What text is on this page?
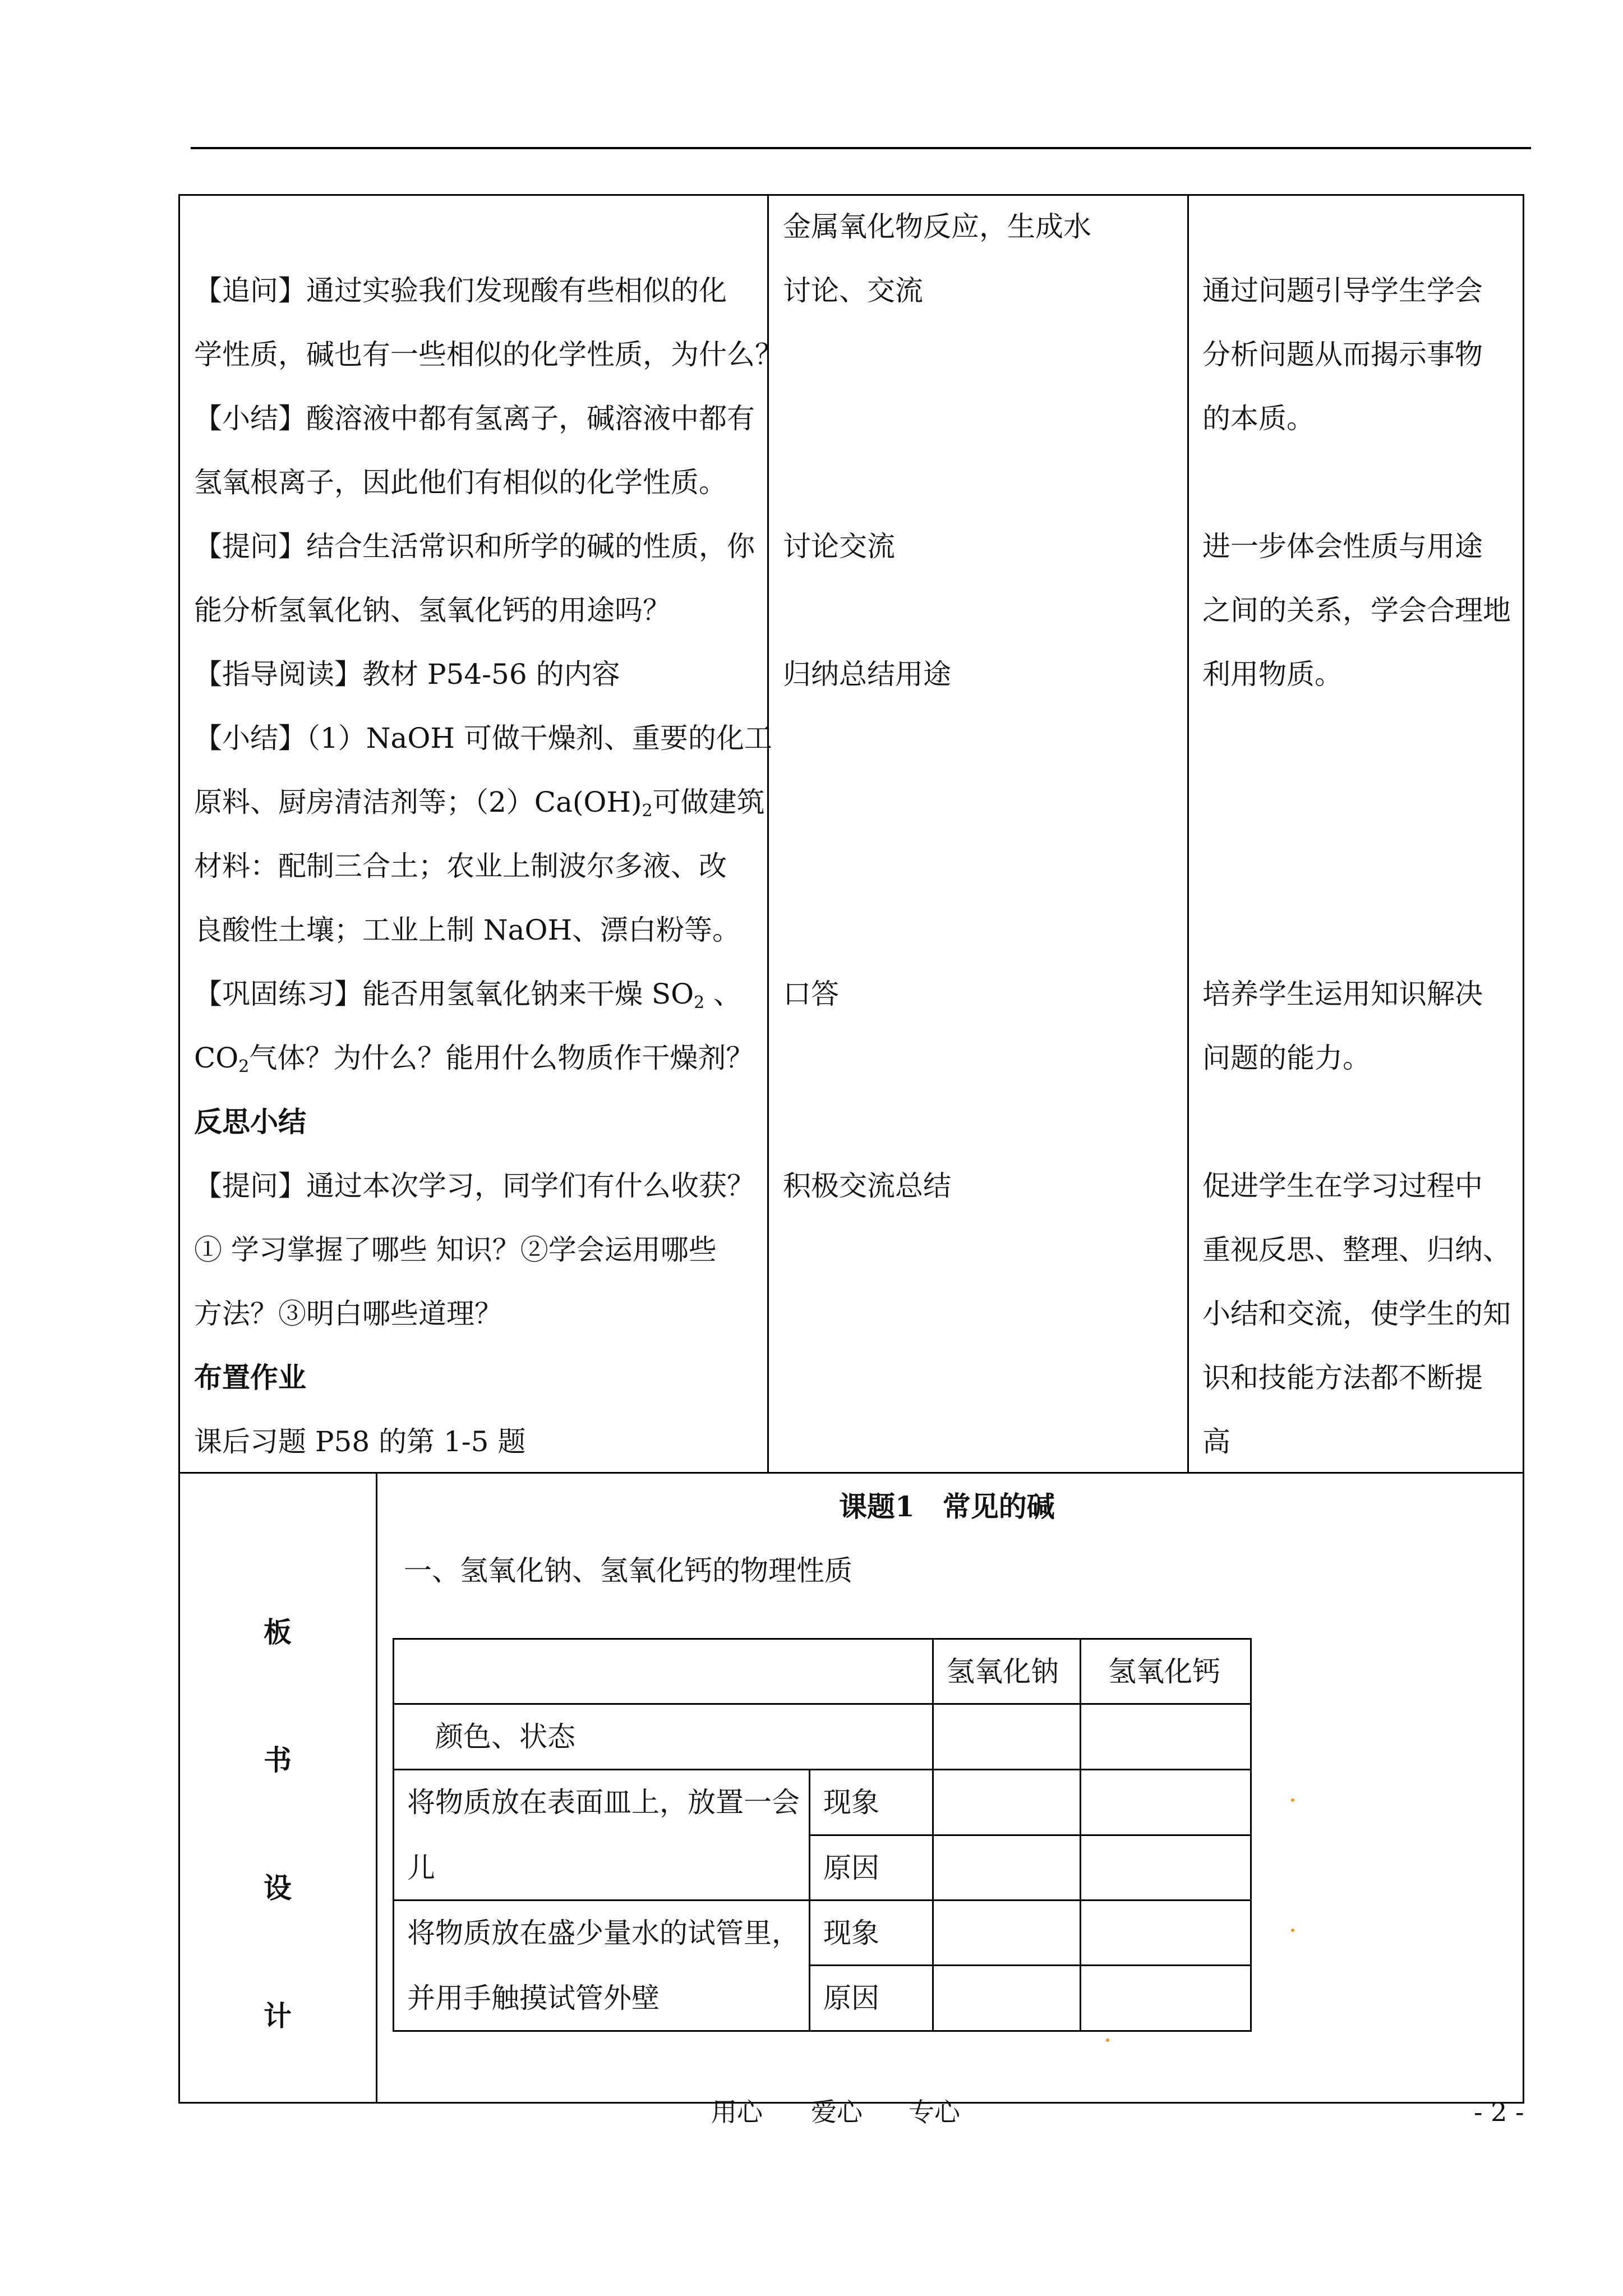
【追问】通过实验我们发现酸有些相似的化
学性质，碱也有一些相似的化学性质，为什么？
【小结】酸溶液中都有氢离子，碱溶液中都有
氢氧根离子，因此他们有相似的化学性质。
【提问】结合生活常识和所学的碱的性质，你
能分析氢氧化钠、氢氧化钙的用途吗？
【指导阅读】教材 P54-56 的内容
【小结】（1）NaOH 可做干燥剂、重要的化工
原料、厨房清洁剂等；$(2)Ca(OH)_2$可做建筑
材料：配制三合土；农业上制波尔多液、改
良酸性土壤；工业上制 NaOH、漂白粉等。
【巩固练习】能否用氢氧化钠来干燥 $SO_2$ 、
$CO_2$气体？为什么？能用什么物质作干燥剂？
反思小结
【提问】通过本次学习，同学们有什么收获？
① 学习掌握了哪些 知识？②学会运用哪些
方法？③明白哪些道理？
布置作业
课后习题 P58 的第 1-5 题
金属氧化物反应，生成水
讨论、交流
讨论交流
归纳总结用途
口答
积极交流总结
通过问题引导学生学会
分析问题从而揭示事物
的本质。
进一步体会性质与用途
之间的关系，学会合理地
利用物质。
培养学生运用知识解决
问题的能力。
促进学生在学习过程中
重视反思、整理、归纳、
小结和交流，使学生的知
识和技能方法都不断提
高
板
书
设
计
课题1　常见的碱
一、氢氧化钠、氢氧化钙的物理性质
氢氧化钠 氢氧化钙
颜色、状态
将物质放在表面皿上，放置一会
儿
将物质放在盛少量水的试管里，
并用手触摸试管外壁
现象
原因
现象
原因
用心 爱心 专心	- 2 -
